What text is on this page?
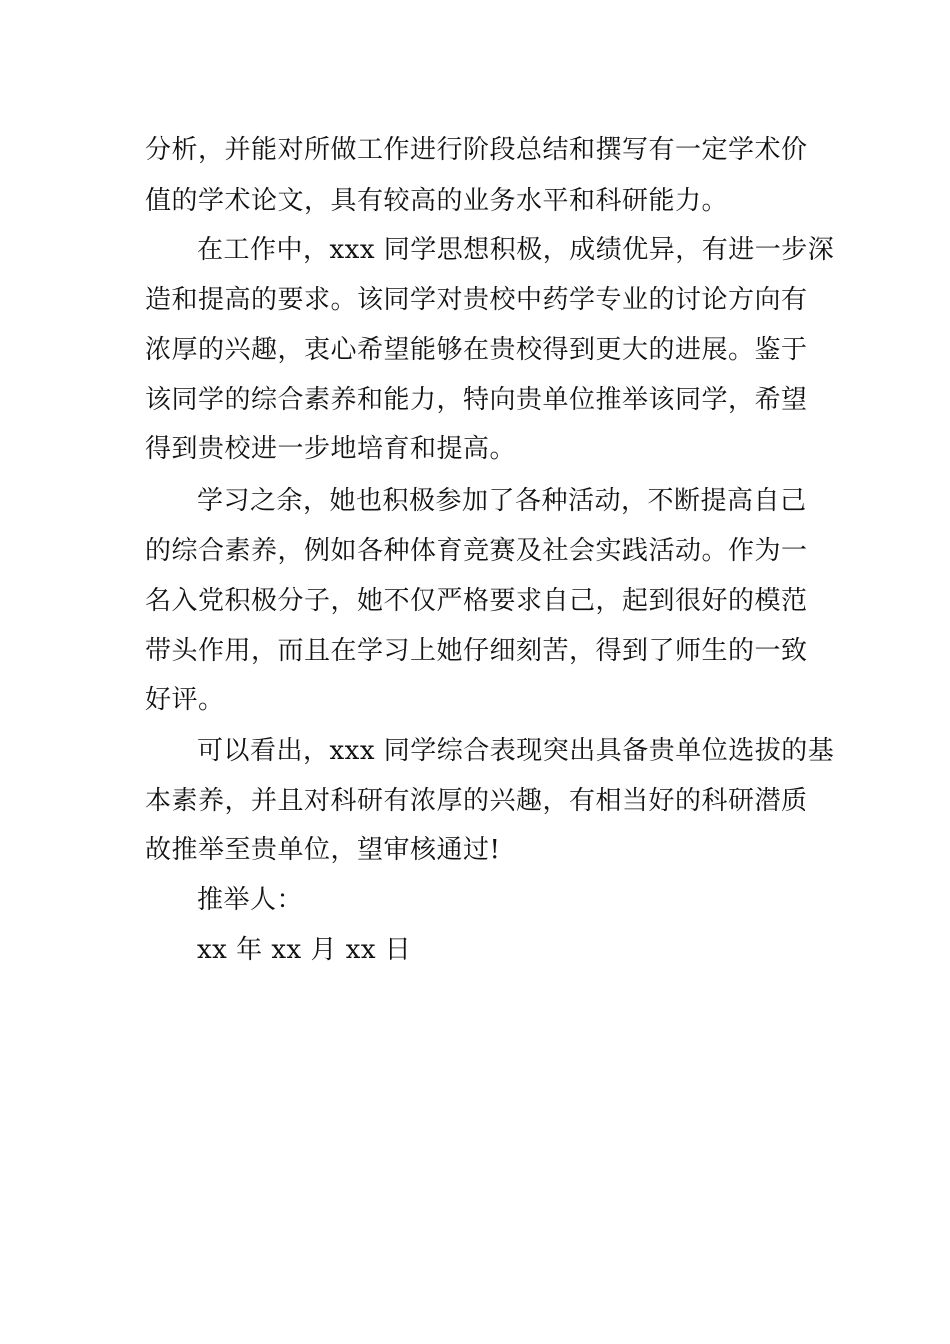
分析，并能对所做工作进行阶段总结和撰写有一定学术价
值的学术论文，具有较高的业务水平和科研能力。
在工作中，xxx 同学思想积极，成绩优异，有进一步深
造和提高的要求。该同学对贵校中药学专业的讨论方向有
浓厚的兴趣，衷心希望能够在贵校得到更大的进展。鉴于
该同学的综合素养和能力，特向贵单位推举该同学，希望
得到贵校进一步地培育和提高。
学习之余，她也积极参加了各种活动，不断提高自己
的综合素养，例如各种体育竞赛及社会实践活动。作为一
名入党积极分子，她不仅严格要求自己，起到很好的模范
带头作用，而且在学习上她仔细刻苦，得到了师生的一致
好评。
可以看出，xxx 同学综合表现突出具备贵单位选拔的基
本素养，并且对科研有浓厚的兴趣，有相当好的科研潜质
故推举至贵单位，望审核通过!
推举人：
xx 年 xx 月 xx 日
